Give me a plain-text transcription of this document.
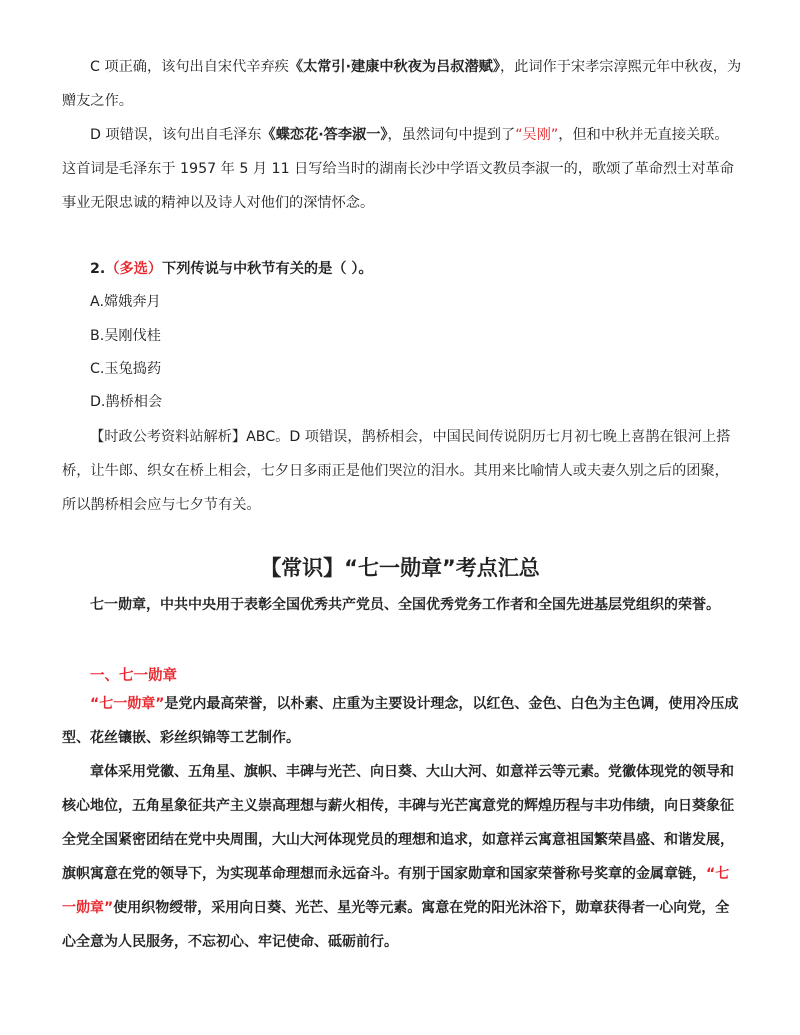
C 项正确，该句出自宋代辛弃疾《太常引·建康中秋夜为吕叔潜赋》，此词作于宋孝宗淳熙元年中秋夜，为赠友之作。

D 项错误，该句出自毛泽东《蝶恋花·答李淑一》，虽然词句中提到了“吴刚”，但和中秋并无直接关联。这首词是毛泽东于 1957 年 5 月 11 日写给当时的湖南长沙中学语文教员李淑一的，歌颂了革命烈士对革命事业无限忠诚的精神以及诗人对他们的深情怀念。

2.（多选）下列传说与中秋节有关的是（ ）。

A.嫦娥奔月

B.吴刚伐桂

C.玉兔捣药

D.鹊桥相会

【时政公考资料站解析】ABC。D 项错误，鹊桥相会，中国民间传说阴历七月初七晚上喜鹊在银河上搭桥，让牛郎、织女在桥上相会，七夕日多雨正是他们哭泣的泪水。其用来比喻情人或夫妻久别之后的团聚，所以鹊桥相会应与七夕节有关。

【常识】“七一勋章”考点汇总

七一勋章，中共中央用于表彰全国优秀共产党员、全国优秀党务工作者和全国先进基层党组织的荣誉。

一、七一勋章

“七一勋章”是党内最高荣誉，以朴素、庄重为主要设计理念，以红色、金色、白色为主色调，使用冷压成型、花丝镶嵌、彩丝织锦等工艺制作。

章体采用党徽、五角星、旗帜、丰碑与光芒、向日葵、大山大河、如意祥云等元素。党徽体现党的领导和核心地位，五角星象征共产主义崇高理想与薪火相传，丰碑与光芒寓意党的辉煌历程与丰功伟绩，向日葵象征全党全国紧密团结在党中央周围，大山大河体现党员的理想和追求，如意祥云寓意祖国繁荣昌盛、和谐发展，旗帜寓意在党的领导下，为实现革命理想而永远奋斗。有别于国家勋章和国家荣誉称号奖章的金属章链，“七一勋章”使用织物绶带，采用向日葵、光芒、星光等元素。寓意在党的阳光沐浴下，勋章获得者一心向党，全心全意为人民服务，不忘初心、牢记使命、砥砺前行。
